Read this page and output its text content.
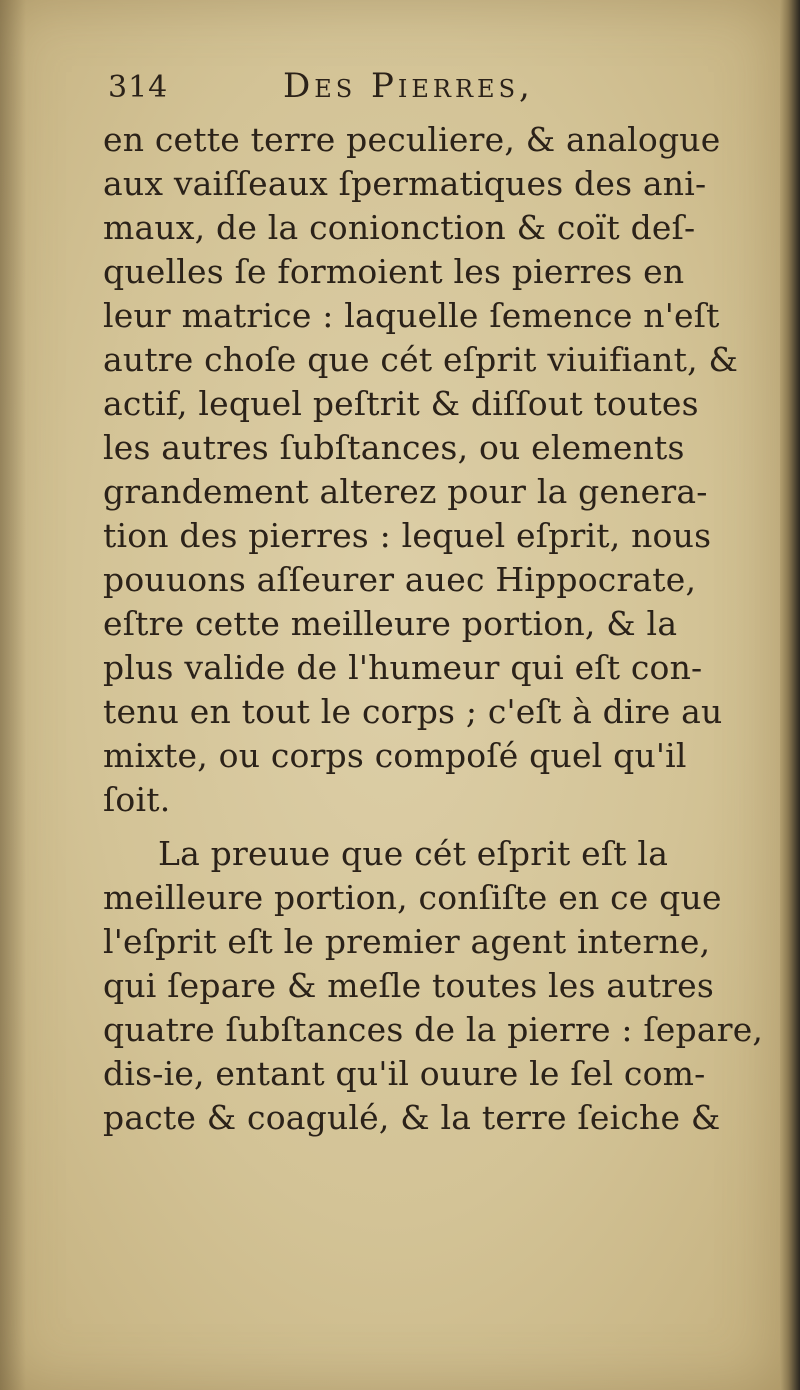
314	Des Pierres,

en cette terre peculiere, & analogue

aux vaiſſeaux ſpermatiques des ani-

maux, de la conionction & coït deſ-

quelles ſe formoient les pierres en

leur matrice : laquelle ſemence n'eſt

autre choſe que cét eſprit viuifiant, &

actif, lequel peſtrit & diſſout toutes

les autres ſubſtances, ou elements

grandement alterez pour la genera-

tion des pierres : lequel eſprit, nous

pouuons aſſeurer auec Hippocrate,

eſtre cette meilleure portion, & la

plus valide de l'humeur qui eſt con-

tenu en tout le corps ; c'eſt à dire au

mixte, ou corps compoſé quel qu'il

ſoit.

La preuue que cét eſprit eſt la

meilleure portion, conſiſte en ce que

l'eſprit eſt le premier agent interne,

qui ſepare & meſle toutes les autres

quatre ſubſtances de la pierre : ſepare,

dis-ie, entant qu'il ouure le ſel com-

pacte & coagulé, & la terre ſeiche &
